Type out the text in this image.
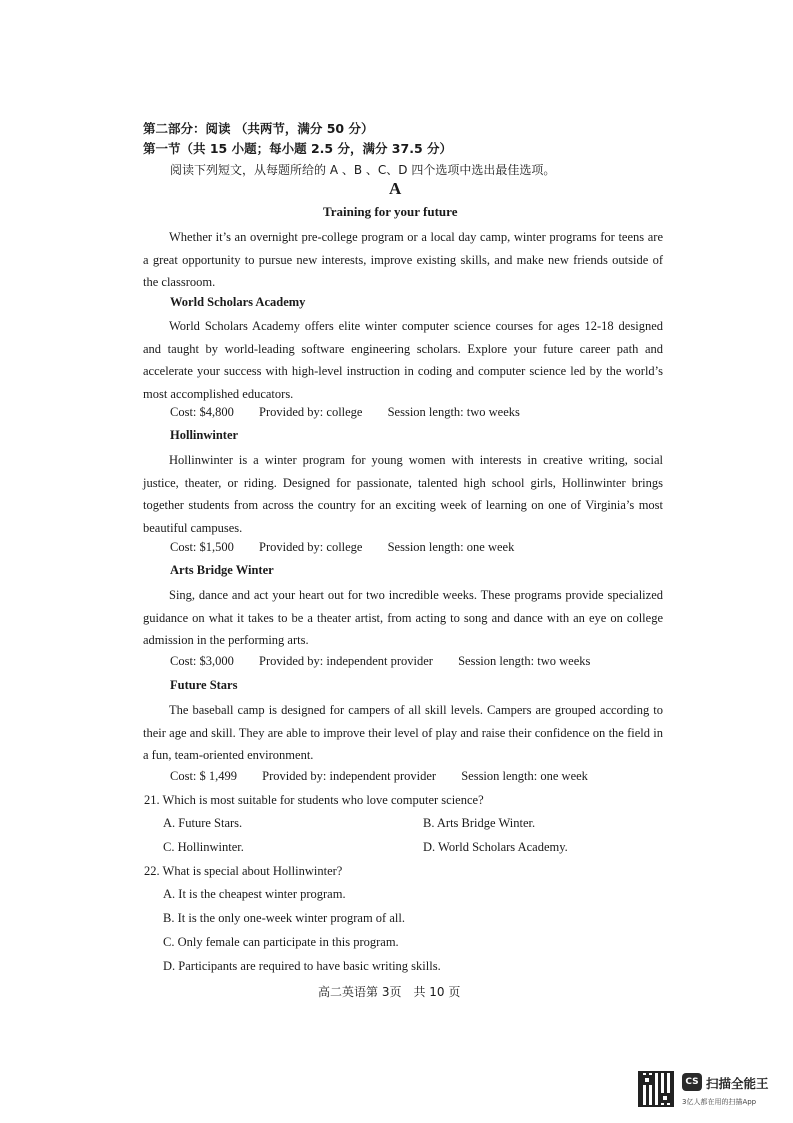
第二部分：阅读 （共两节，满分 50 分）
第一节（共 15 小题；每小题 2.5 分，满分 37.5 分）
阅读下列短文，从每题所给的 A 、B 、C、D 四个选项中选出最佳选项。
A
Training for your future
Whether it’s an overnight pre-college program or a local day camp, winter programs for teens are a great opportunity to pursue new interests, improve existing skills, and make new friends outside of the classroom.
World Scholars Academy
World Scholars Academy offers elite winter computer science courses for ages 12-18 designed and taught by world-leading software engineering scholars. Explore your future career path and accelerate your success with high-level instruction in coding and computer science led by the world’s most accomplished educators.
Cost: $4,800 Provided by: college Session length: two weeks
Hollinwinter
Hollinwinter is a winter program for young women with interests in creative writing, social justice, theater, or riding. Designed for passionate, talented high school girls, Hollinwinter brings together students from across the country for an exciting week of learning on one of Virginia’s most beautiful campuses.
Cost: $1,500 Provided by: college Session length: one week
Arts Bridge Winter
Sing, dance and act your heart out for two incredible weeks. These programs provide specialized guidance on what it takes to be a theater artist, from acting to song and dance with an eye on college admission in the performing arts.
Cost: $3,000 Provided by: independent provider Session length: two weeks
Future Stars
The baseball camp is designed for campers of all skill levels. Campers are grouped according to their age and skill. They are able to improve their level of play and raise their confidence on the field in a fun, team-oriented environment.
Cost: $ 1,499 Provided by: independent provider Session length: one week
21. Which is most suitable for students who love computer science?
A. Future Stars.	B. Arts Bridge Winter.
C. Hollinwinter.	D. World Scholars Academy.
22. What is special about Hollinwinter?
A. It is the cheapest winter program.
B. It is the only one-week winter program of all.
C. Only female can participate in this program.
D. Participants are required to have basic writing skills.
高二英语第 3页　共 10 页
CS 扫描全能王
3亿人都在用的扫描App
